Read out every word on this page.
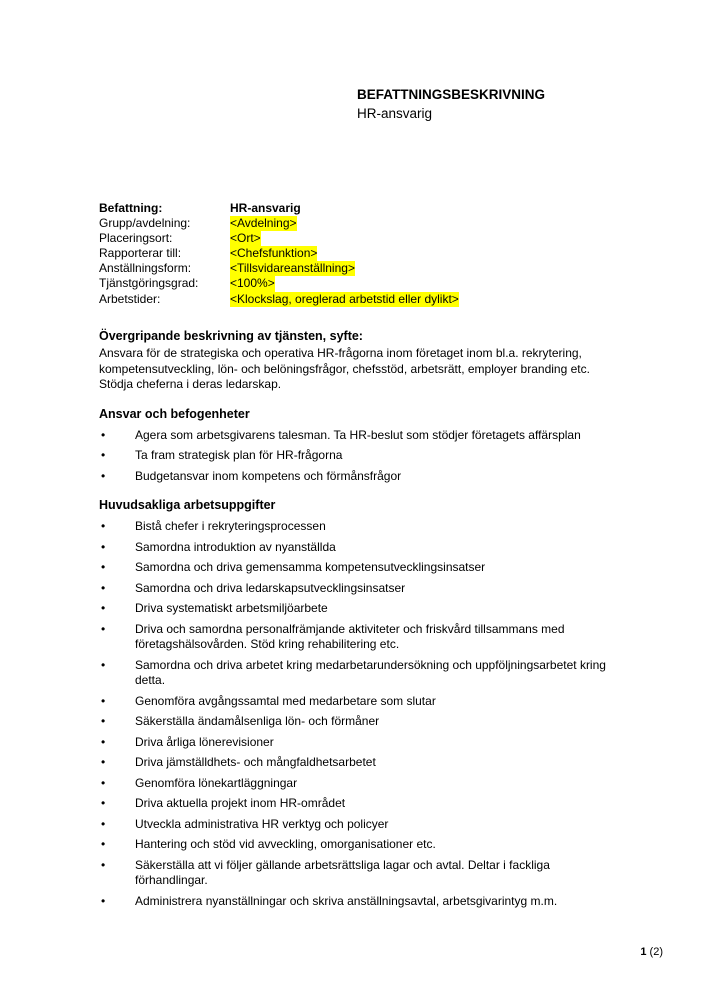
BEFATTNINGSBESKRIVNING
HR-ansvarig
Befattning:	HR-ansvarig
Grupp/avdelning:	<Avdelning>
Placeringsort:	<Ort>
Rapporterar till:	<Chefsfunktion>
Anställningsform:	<Tillsvidareanställning>
Tjänstgöringsgrad:	<100%>
Arbetstider:	<Klockslag, oreglerad arbetstid eller dylikt>
Övergripande beskrivning av tjänsten, syfte:

Ansvara för de strategiska och operativa HR-frågorna inom företaget inom bl.a. rekrytering, kompetensutveckling, lön- och belöningsfrågor, chefsstöd, arbetsrätt, employer branding etc. Stödja cheferna i deras ledarskap.

Ansvar och befogenheter
• Agera som arbetsgivarens talesman. Ta HR-beslut som stödjer företagets affärsplan
• Ta fram strategisk plan för HR-frågorna
• Budgetansvar inom kompetens och förmånsfrågor
Huvudsakliga arbetsuppgifter
• Bistå chefer i rekryteringsprocessen
• Samordna introduktion av nyanställda
• Samordna och driva gemensamma kompetensutvecklingsinsatser
• Samordna och driva ledarskapsutvecklingsinsatser
• Driva systematiskt arbetsmiljöarbete
• Driva och samordna personalfrämjande aktiviteter och friskvård tillsammans med företagshälsovården. Stöd kring rehabilitering etc.
• Samordna och driva arbetet kring medarbetarundersökning och uppföljningsarbetet kring detta.
• Genomföra avgångssamtal med medarbetare som slutar
• Säkerställa ändamålsenliga lön- och förmåner
• Driva årliga lönerevisioner
• Driva jämställdhets- och mångfaldhetsarbetet
• Genomföra lönekartläggningar
• Driva aktuella projekt inom HR-området
• Utveckla administrativa HR verktyg och policyer
• Hantering och stöd vid avveckling, omorganisationer etc.
• Säkerställa att vi följer gällande arbetsrättsliga lagar och avtal. Deltar i fackliga förhandlingar.
• Administrera nyanställningar och skriva anställningsavtal, arbetsgivarintyg m.m.
1 (2)
